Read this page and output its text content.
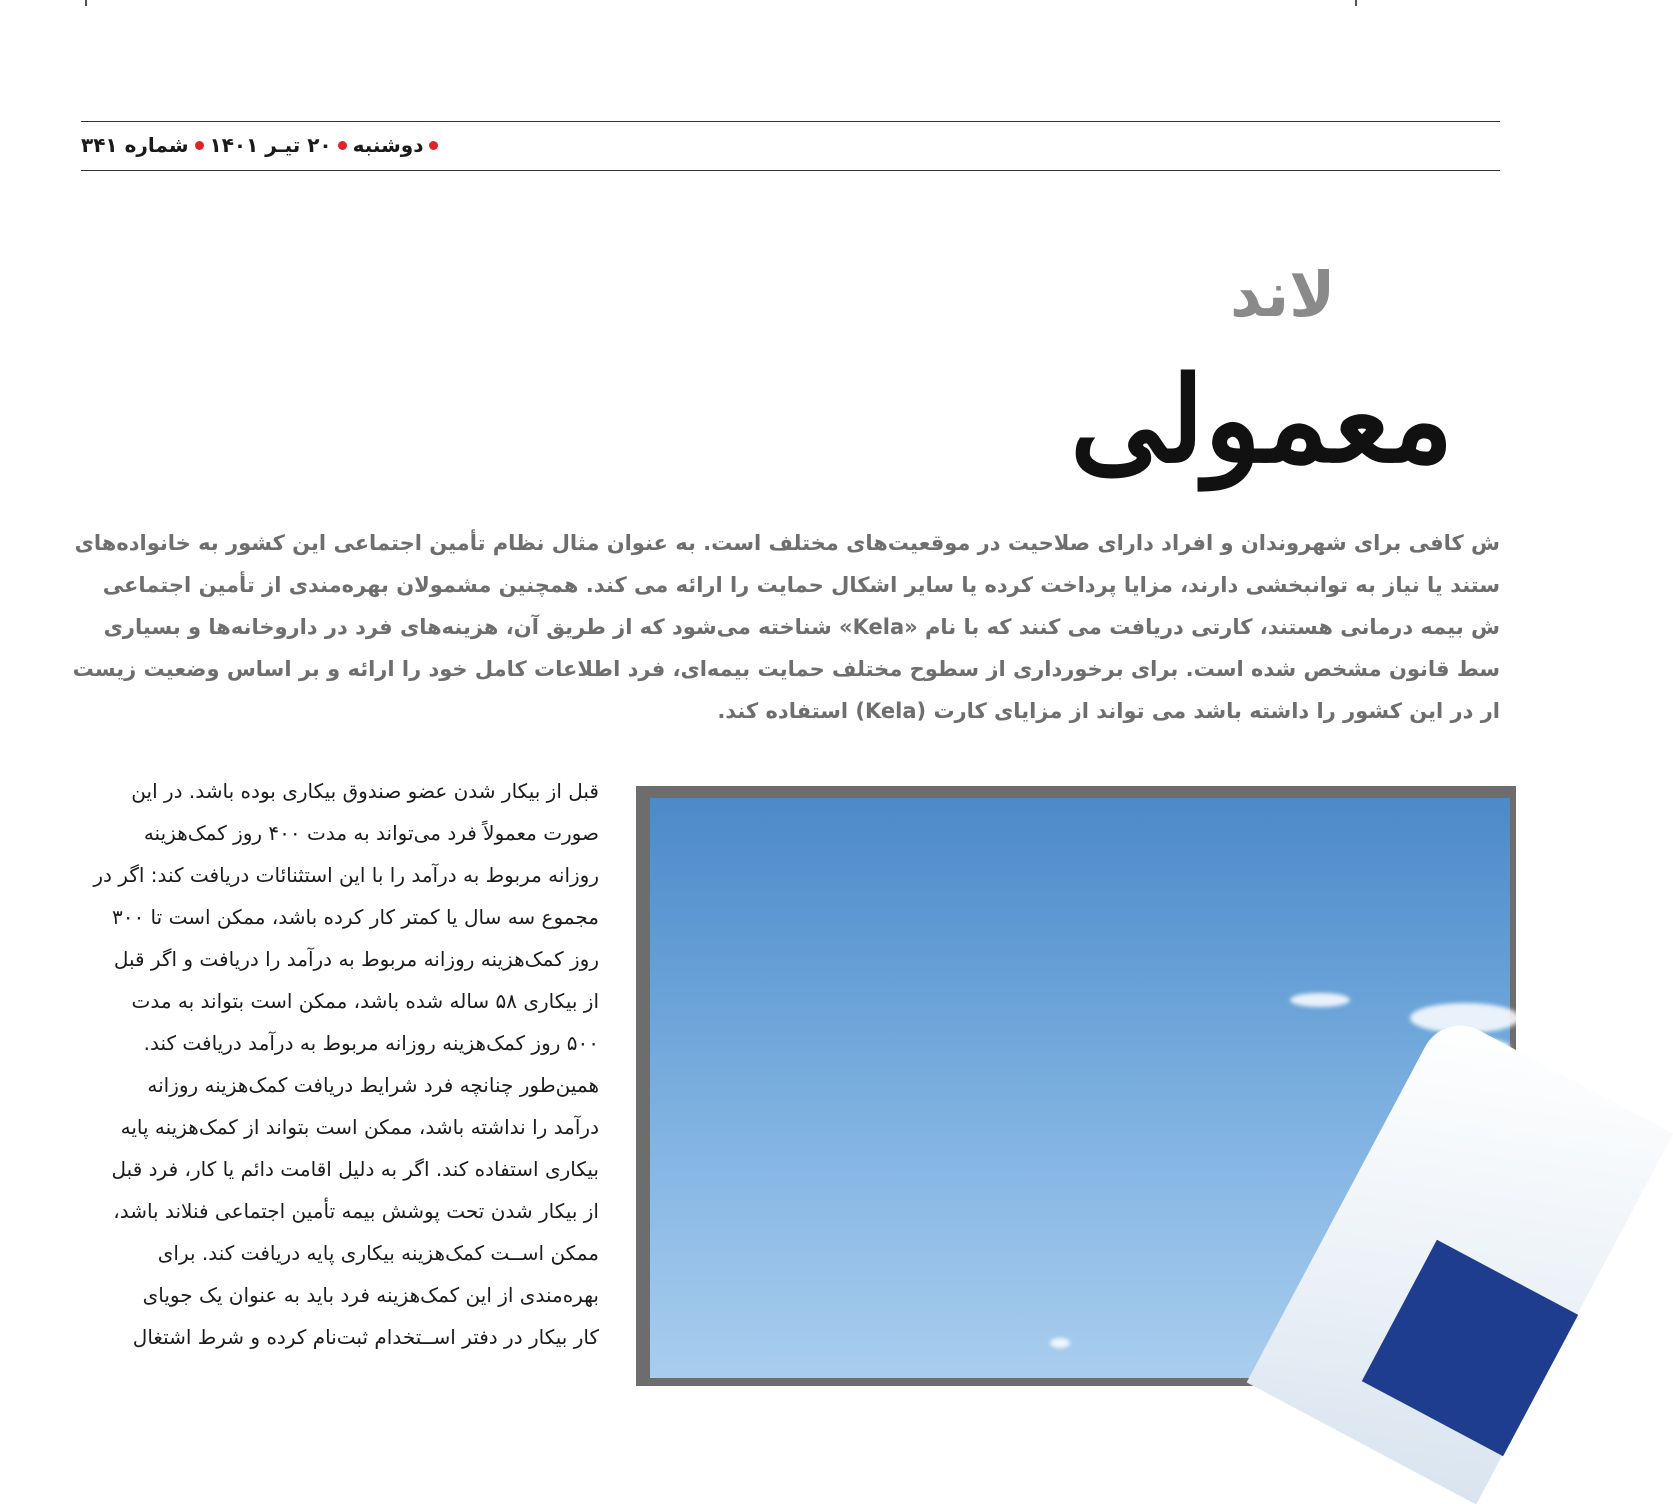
دوشنبه
۲۰ تیـر ۱۴۰۱
شماره ۳۴۱
لاند
معمولی
ش کافی برای شهروندان و افراد دارای صلاحیت در موقعیت‌های مختلف است. به عنوان مثال نظام تأمین اجتماعی این کشور به خانواده‌های
ستند یا نیاز به توانبخشی دارند، مزایا پرداخت کرده یا سایر اشکال حمایت را ارائه می کند. همچنین مشمولان بهره‌مندی از تأمین اجتماعی
ش بیمه درمانی هستند، کارتی دریافت می کنند که با نام «Kela» شناخته می‌شود که از طریق آن، هزینه‌های فرد در داروخانه‌ها و بسیاری
سط قانون مشخص شده است. برای برخورداری از سطوح مختلف حمایت بیمه‌ای، فرد اطلاعات کامل خود را ارائه و بر اساس وضعیت زیست
ار در این کشور را داشته باشد می تواند از مزایای کارت (Kela) استفاده کند.
قبل از بیکار شدن عضو صندوق بیکاری بوده باشد. در این
صورت معمولاً فرد می‌تواند به مدت ۴۰۰ روز کمک‌هزینه
روزانه مربوط به درآمد را با این استثنائات دریافت کند: اگر در
مجموع سه سال یا کمتر کار کرده باشد، ممکن است تا ۳۰۰
روز کمک‌هزینه روزانه مربوط به درآمد را دریافت و اگر قبل
از بیکاری ۵۸ ساله شده باشد، ممکن است بتواند به مدت
۵۰۰ روز کمک‌هزینه روزانه مربوط به درآمد دریافت کند.
همین‌طور چنانچه فرد شرایط دریافت کمک‌هزینه روزانه
درآمد را نداشته باشد، ممکن است بتواند از کمک‌هزینه پایه
بیکاری استفاده کند. اگر به دلیل اقامت دائم یا کار، فرد قبل
از بیکار شدن تحت پوشش بیمه تأمین اجتماعی فنلاند باشد،
ممکن اســت کمک‌هزینه بیکاری پایه دریافت کند. برای
بهره‌مندی از این کمک‌هزینه فرد باید به عنوان یک جویای
کار بیکار در دفتر اســتخدام ثبت‌نام کرده و شرط اشتغال
